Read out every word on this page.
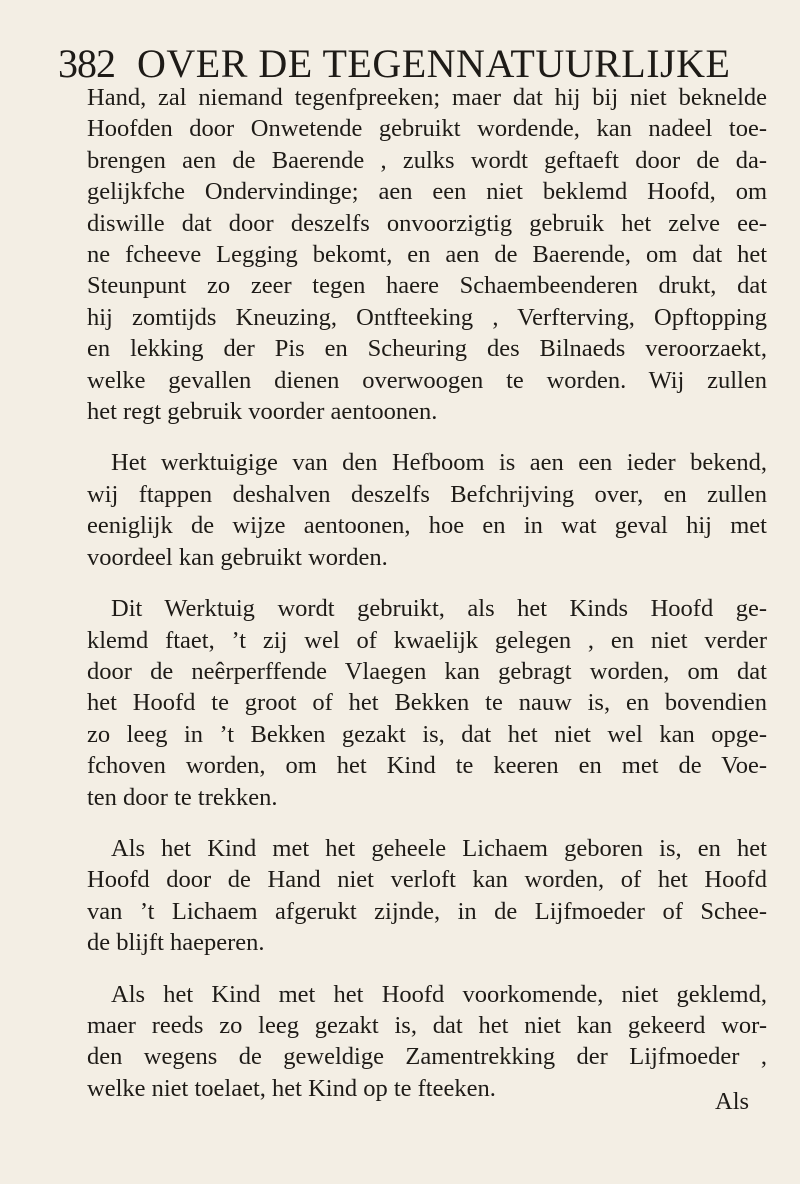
382 OVER DE TEGENNATUURLIJKE

Hand, zal niemand tegenfpreeken; maer dat hij bij niet beknelde
Hoofden door Onwetende gebruikt wordende, kan nadeel toe-
brengen aen de Baerende , zulks wordt geftaeft door de da-
gelijkfche Ondervindinge; aen een niet beklemd Hoofd, om
diswille dat door deszelfs onvoorzigtig gebruik het zelve ee-
ne fcheeve Legging bekomt, en aen de Baerende, om dat het
Steunpunt zo zeer tegen haere Schaembeenderen drukt, dat
hij zomtijds Kneuzing, Ontfteeking , Verfterving, Opftopping
en lekking der Pis en Scheuring des Bilnaeds veroorzaekt,
welke gevallen dienen overwoogen te worden. Wij zullen
het regt gebruik voorder aentoonen.

Het werktuigige van den Hefboom is aen een ieder bekend,
wij ftappen deshalven deszelfs Befchrijving over, en zullen
eeniglijk de wijze aentoonen, hoe en in wat geval hij met
voordeel kan gebruikt worden.

Dit Werktuig wordt gebruikt, als het Kinds Hoofd ge-
klemd ftaet, ’t zij wel of kwaelijk gelegen , en niet verder
door de neêrperffende Vlaegen kan gebragt worden, om dat
het Hoofd te groot of het Bekken te nauw is, en bovendien
zo leeg in ’t Bekken gezakt is, dat het niet wel kan opge-
fchoven worden, om het Kind te keeren en met de Voe-
ten door te trekken.

Als het Kind met het geheele Lichaem geboren is, en het
Hoofd door de Hand niet verloft kan worden, of het Hoofd
van ’t Lichaem afgerukt zijnde, in de Lijfmoeder of Schee-
de blijft haeperen.

Als het Kind met het Hoofd voorkomende, niet geklemd,
maer reeds zo leeg gezakt is, dat het niet kan gekeerd wor-
den wegens de geweldige Zamentrekking der Lijfmoeder ,
welke niet toelaet, het Kind op te fteeken.	Als
